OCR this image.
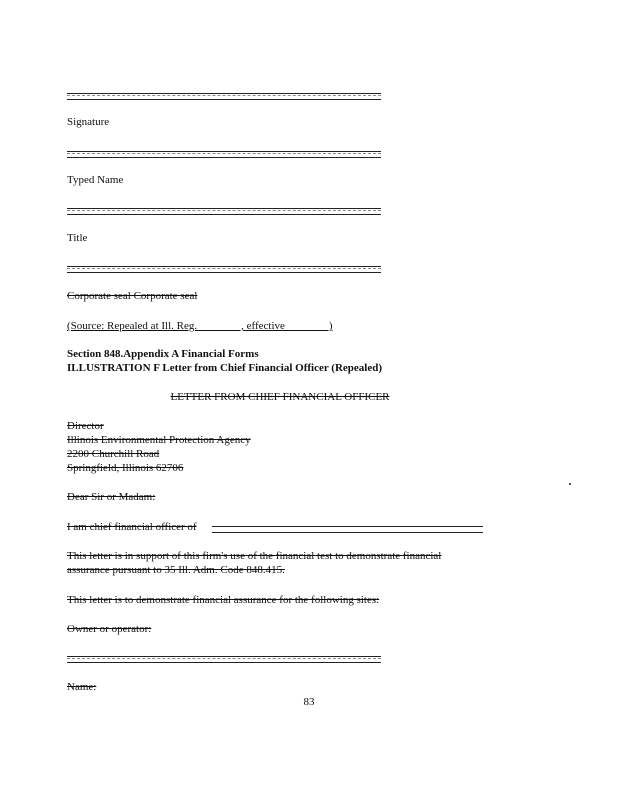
Signature
Typed Name
Title
Corporate seal Corporate seal
(Source: Repealed at Ill. Reg. _______ , effective _______ )
Section 848.Appendix A Financial Forms
ILLUSTRATION F Letter from Chief Financial Officer (Repealed)
LETTER FROM CHIEF FINANCIAL OFFICER
Director
Illinois Environmental Protection Agency
2200 Churchill Road
Springfield, Illinois 62706
Dear Sir or Madam:
I am chief financial officer of
This letter is in support of this firm's use of the financial test to demonstrate financial
assurance pursuant to 35 Ill. Adm. Code 848.415.
This letter is to demonstrate financial assurance for the following sites:
Owner or operator:
Name:
83
